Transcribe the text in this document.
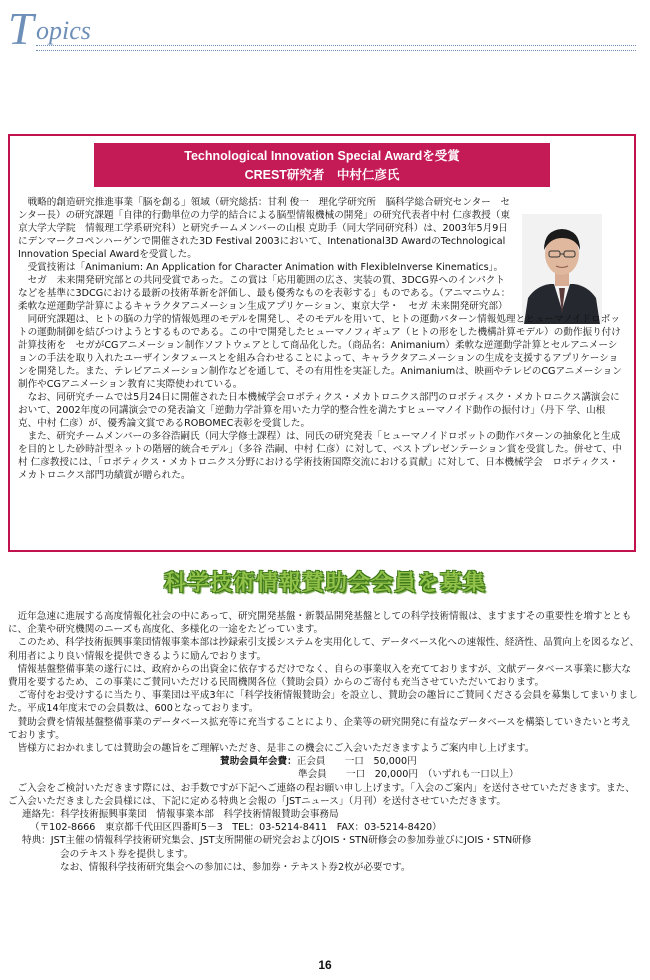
T opics
Technological Innovation Special Awardを受賞
CREST研究者　中村仁彦氏

戦略的創造研究推進事業「脳を創る」領域（研究総括：甘利 俊一　理化学研究所　脳科学総合研究センター　センター長）の研究課題「自律的行動単位の力学的結合による脳型情報機械の開発」の研究代表者中村 仁彦教授（東京大学大学院　情報理工学系研究科）と研究チームメンバーの山根 克助手（同大学同研究科）は、2003年5月9日にデンマークコペンハーゲンで開催された3D Festival 2003において、Intenational3D AwardのTechnological Innovation Special Awardを受賞した。

受賞技術は「Animanium: An Application for Character Animation with FlexibleInverse Kinematics」。

セガ　未来開発研究部との共同受賞であった。この賞は「応用範囲の広さ、実装の質、3DCG界へのインパクトなどを基準に3DCGにおける最新の技術革新を評価し、最も優秀なものを表彰する」ものである。（アニマニウム：柔軟な逆運動学計算によるキャラクタアニメーション生成アプリケーション、東京大学・　セガ 未来開発研究部）

同研究課題は、ヒトの脳の力学的情報処理のモデルを開発し、そのモデルを用いて、ヒトの運動パターン情報処理とヒューマノイドロボットの運動制御を結びつけようとするものである。この中で開発したヒューマノフィギュア（ヒトの形をした機構計算モデル）の動作振り付け計算技術を　セガがCGアニメーション制作ソフトウェアとして商品化した。（商品名：Animanium）柔軟な逆運動学計算とセルアニメーションの手法を取り入れたユーザインタフェースとを組み合わせることによって、キャラクタアニメーションの生成を支援するアプリケーションを開発した。また、テレビアニメーション制作などを通して、その有用性を実証した。Animaniumは、映画やテレビのCGアニメーション制作やCGアニメーション教育に実際使われている。

なお、同研究チームでは5月24日に開催された日本機械学会ロボティクス・メカトロニクス部門のロボティスク・メカトロニクス講演会において、2002年度の同講演会での発表論文「逆動力学計算を用いた力学的整合性を満たすヒューマノイド動作の振付け」（丹下 学、山根 克、中村 仁彦）が、優秀論文賞であるROBOMEC表彰を受賞した。

また、研究チームメンバーの多谷浩嗣氏（同大学修士課程）は、同氏の研究発表「ヒューマノイドロボットの動作パターンの抽象化と生成を目的とした砂時計型ネットの階層的統合モデル」（多谷 浩嗣、中村 仁彦）に対して、ベストプレゼンテーション賞を受賞した。併せて、中村 仁彦教授には、「ロボティクス・メカトロニクス分野における学術技術国際交流における貢献」に対して、日本機械学会　ロボティクス・メカトロニクス部門功績賞が贈られた。

科学技術情報賛助会会員を募集

近年急速に進展する高度情報化社会の中にあって、研究開発基盤・新製品開発基盤としての科学技術情報は、ますますその重要性を増すとともに、企業や研究機関のニーズも高度化、多様化の一途をたどっています。

このため、科学技術振興事業団情報事業本部は抄録索引支援システムを実用化して、データベース化への速報性、経済性、品質向上を図るなど、利用者により良い情報を提供できるように励んでおります。

情報基盤整備事業の遂行には、政府からの出資金に依存するだけでなく、自らの事業収入を充てておりますが、文献データベース事業に膨大な費用を要するため、この事業にご賛同いただける民間機関各位（賛助会員）からのご寄付も充当させていただいております。

ご寄付をお受けするに当たり、事業団は平成3年に「科学技術情報賛助会」を設立し、賛助会の趣旨にご賛同くださる会員を募集してまいりました。平成14年度末での会員数は、600となっております。

賛助会費を情報基盤整備事業のデータベース拡充等に充当することにより、企業等の研究開発に有益なデータベースを構築していきたいと考えております。

皆様方におかれましては賛助会の趣旨をご理解いただき、是非この機会にご入会いただきますようご案内申し上げます。

賛助会員年会費：正会員　　一口　50,000円
準会員　　一口　20,000円　（いずれも一口以上）

ご入会をご検討いただきます際には、お手数ですが下記へご連絡の程お願い申し上げます。「入会のご案内」を送付させていただきます。また、ご入会いただきました会員様には、下記に定める特典と会報の「JSTニュース」（月刊）を送付させていただきます。

連絡先：科学技術振興事業団　情報事業本部　科学技術情報賛助会事務局
（〒102-8666　東京都千代田区四番町5－3　TEL：03-5214-8411　FAX：03-5214-8420）
特典：JST主催の情報科学技術研究集会、JST支所開催の研究会およびJOIS・STN研修会の参加券並びにJOIS・STN研修
会のテキスト券を提供します。
なお、情報科学技術研究集会への参加には、参加券・テキスト券2枚が必要です。
16
